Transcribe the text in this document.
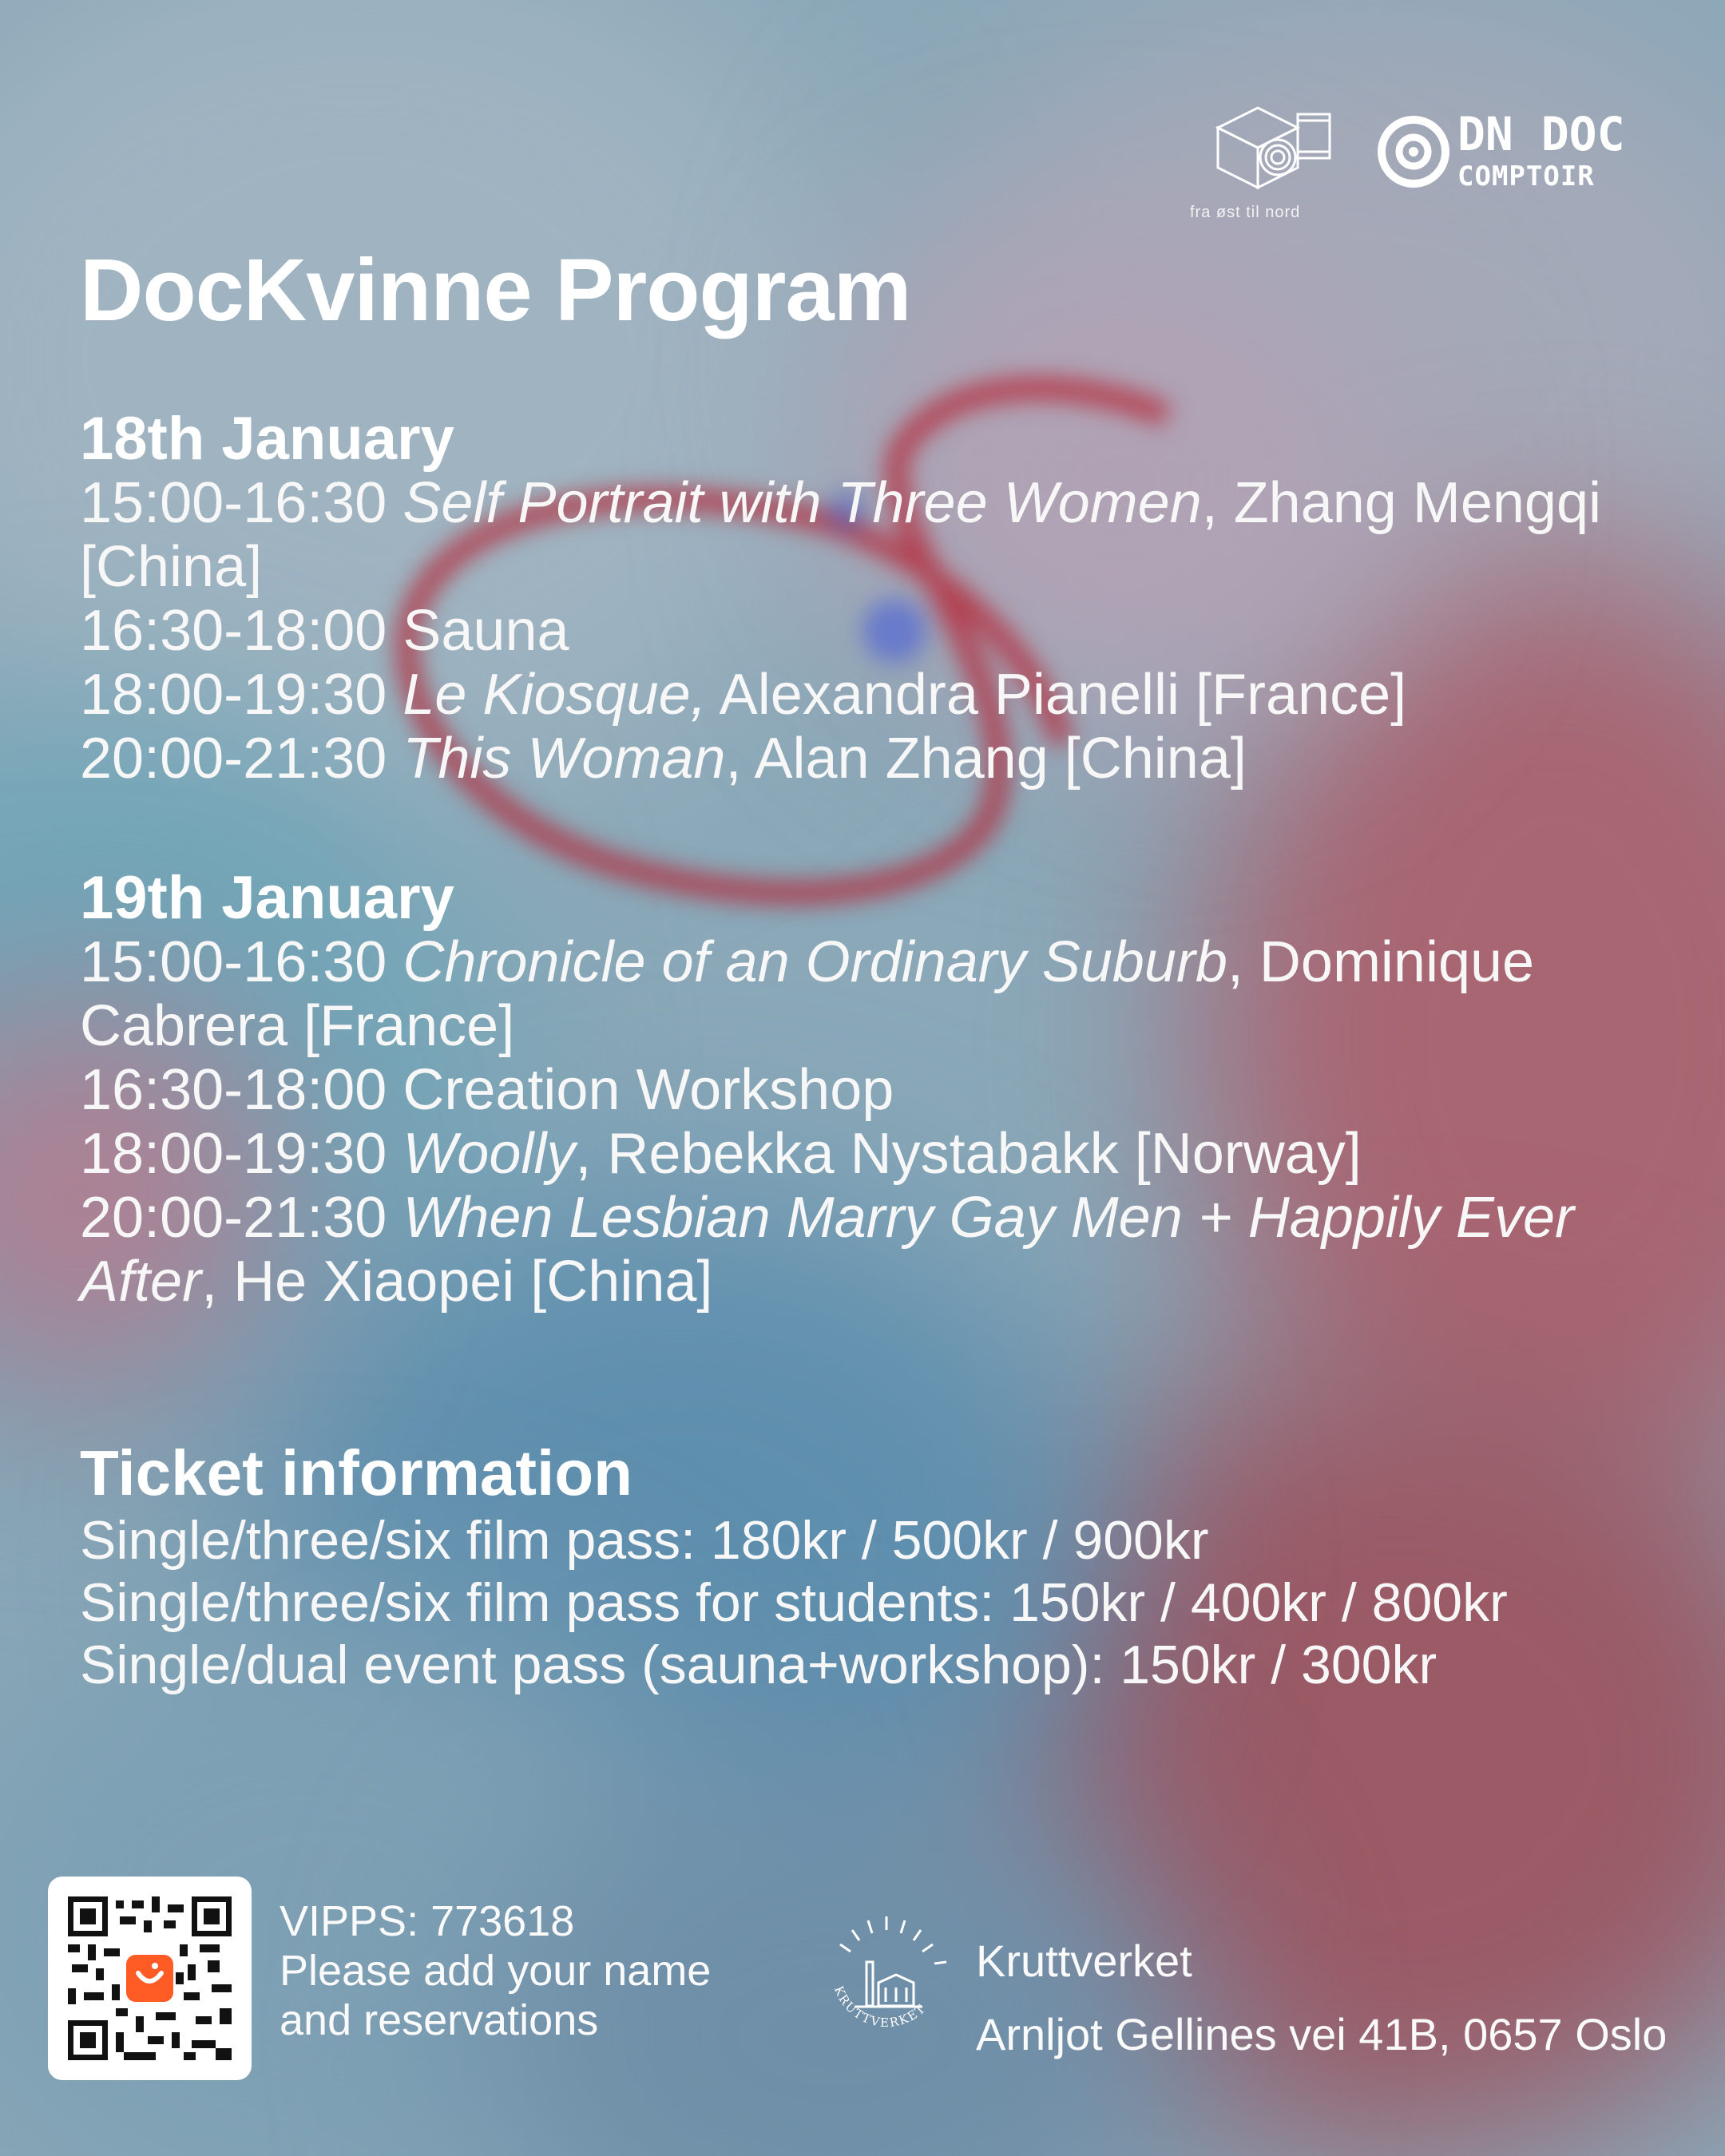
fra øst til nord
DN DOC
COMPTOIR
DocKvinne Program
18th January

15:00-16:30 Self Portrait with Three Women, Zhang Mengqi [China]

16:30-18:00 Sauna

18:00-19:30 Le Kiosque, Alexandra Pianelli [France]

20:00-21:30 This Woman, Alan Zhang [China]

19th January

15:00-16:30 Chronicle of an Ordinary Suburb, Dominique Cabrera [France]

16:30-18:00 Creation Workshop

18:00-19:30 Woolly, Rebekka Nystabakk [Norway]

20:00-21:30 When Lesbian Marry Gay Men + Happily Ever After, He Xiaopei [China]

Ticket information

Single/three/six film pass: 180kr / 500kr / 900kr

Single/three/six film pass for students: 150kr / 400kr / 800kr

Single/dual event pass (sauna+workshop): 150kr / 300kr

VIPPS: 773618
Please add your name
and reservations
KRUTTVERKET
Kruttverket
Arnljot Gellines vei 41B, 0657 Oslo
